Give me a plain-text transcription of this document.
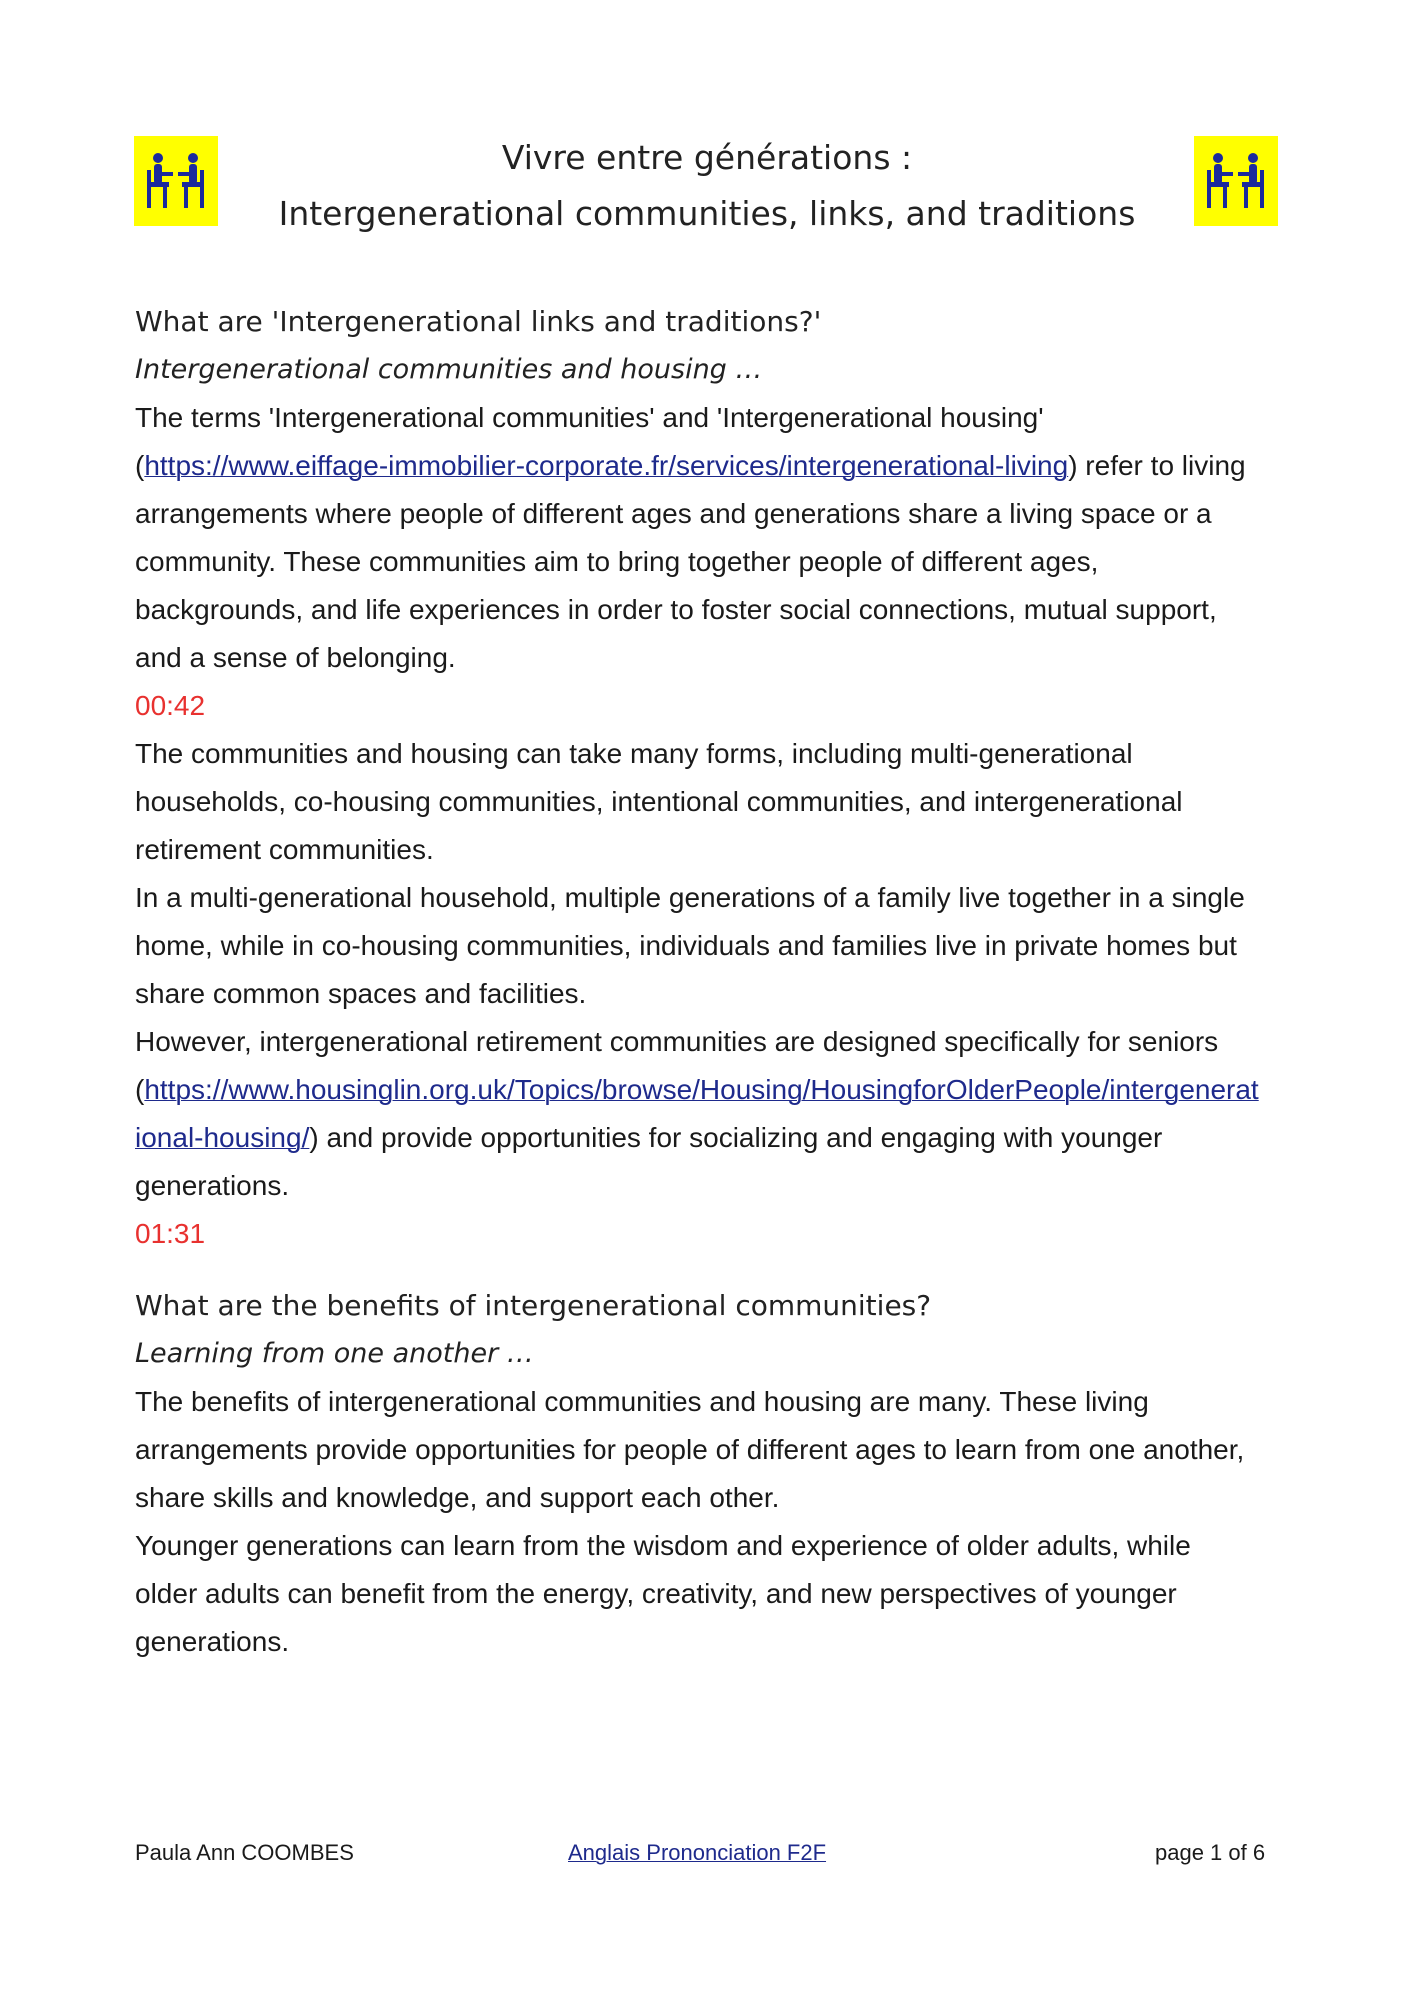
Vivre entre générations :
Intergenerational communities, links, and traditions
What are 'Intergenerational links and traditions?'
Intergenerational communities and housing …
The terms 'Intergenerational communities' and 'Intergenerational housing'
(https://www.eiffage-immobilier-corporate.fr/services/intergenerational-living) refer to living
arrangements where people of different ages and generations share a living space or a
community. These communities aim to bring together people of different ages,
backgrounds, and life experiences in order to foster social connections, mutual support,
and a sense of belonging.
00:42
The communities and housing can take many forms, including multi-generational
households, co-housing communities, intentional communities, and intergenerational
retirement communities.
In a multi-generational household, multiple generations of a family live together in a single
home, while in co-housing communities, individuals and families live in private homes but
share common spaces and facilities.
However, intergenerational retirement communities are designed specifically for seniors
(https://www.housinglin.org.uk/Topics/browse/Housing/HousingforOlderPeople/intergenerat
ional-housing/) and provide opportunities for socializing and engaging with younger
generations.
01:31
What are the benefits of intergenerational communities?
Learning from one another …
The benefits of intergenerational communities and housing are many. These living
arrangements provide opportunities for people of different ages to learn from one another,
share skills and knowledge, and support each other.
Younger generations can learn from the wisdom and experience of older adults, while
older adults can benefit from the energy, creativity, and new perspectives of younger
generations.
Paula Ann COOMBES	Anglais Prononciation F2F	page 1 of 6
